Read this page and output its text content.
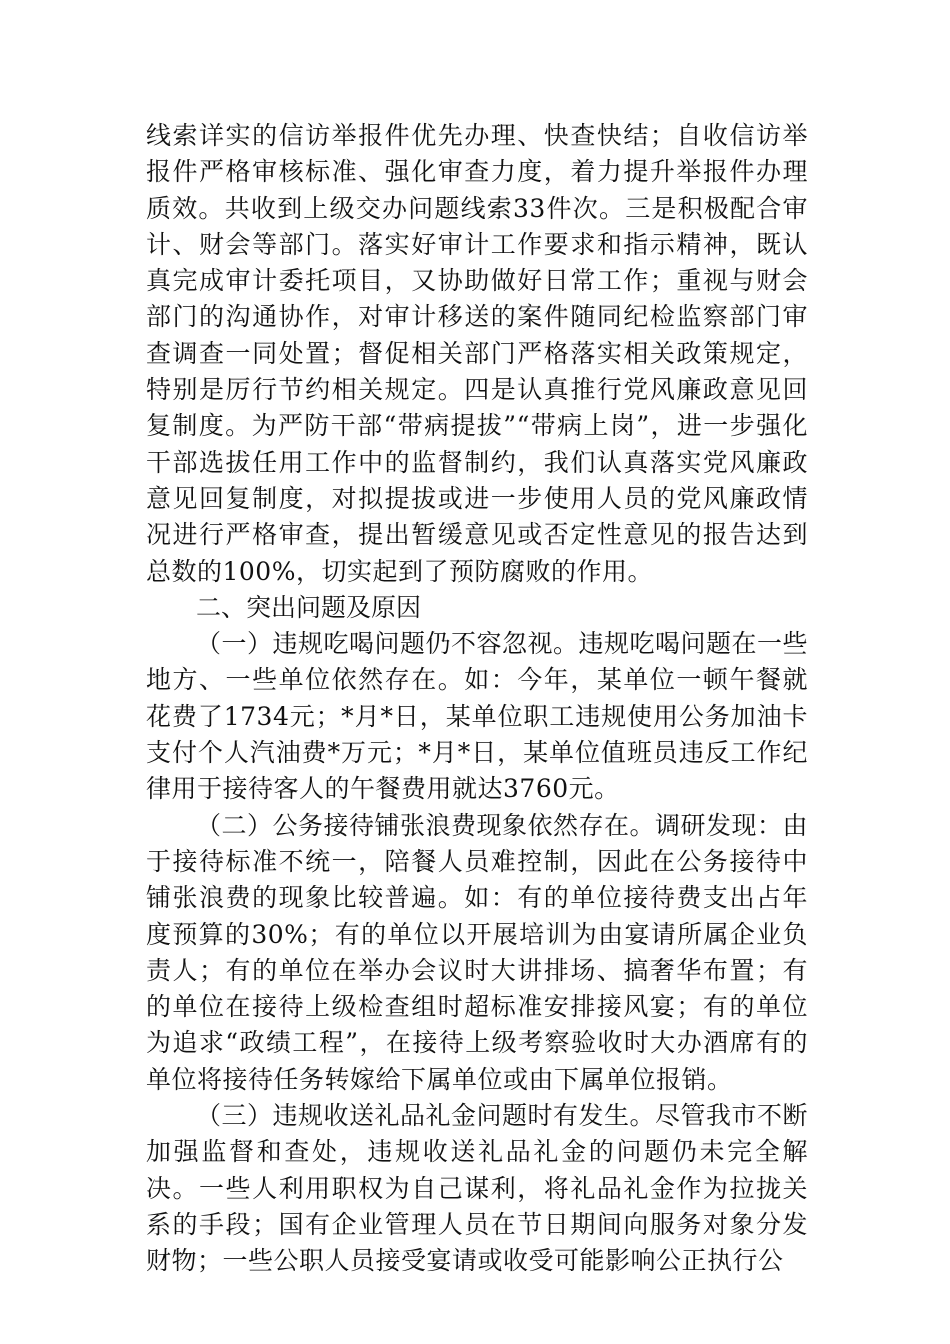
线索详实的信访举报件优先办理、快查快结；自收信访举报件严格审核标准、强化审查力度，着力提升举报件办理质效。共收到上级交办问题线索33件次。三是积极配合审计、财会等部门。落实好审计工作要求和指示精神，既认真完成审计委托项目，又协助做好日常工作；重视与财会部门的沟通协作，对审计移送的案件随同纪检监察部门审查调查一同处置；督促相关部门严格落实相关政策规定，特别是厉行节约相关规定。四是认真推行党风廉政意见回复制度。为严防干部“带病提拔”“带病上岗”，进一步强化干部选拔任用工作中的监督制约，我们认真落实党风廉政意见回复制度，对拟提拔或进一步使用人员的党风廉政情况进行严格审查，提出暂缓意见或否定性意见的报告达到总数的100%，切实起到了预防腐败的作用。

二、突出问题及原因

（一）违规吃喝问题仍不容忽视。违规吃喝问题在一些地方、一些单位依然存在。如：今年，某单位一顿午餐就花费了1734元；*月*日，某单位职工违规使用公务加油卡支付个人汽油费*万元；*月*日，某单位值班员违反工作纪律用于接待客人的午餐费用就达3760元。

（二）公务接待铺张浪费现象依然存在。调研发现：由于接待标准不统一，陪餐人员难控制，因此在公务接待中铺张浪费的现象比较普遍。如：有的单位接待费支出占年度预算的30%；有的单位以开展培训为由宴请所属企业负责人；有的单位在举办会议时大讲排场、搞奢华布置；有的单位在接待上级检查组时超标准安排接风宴；有的单位为追求“政绩工程”，在接待上级考察验收时大办酒席有的单位将接待任务转嫁给下属单位或由下属单位报销。

（三）违规收送礼品礼金问题时有发生。尽管我市不断加强监督和查处，违规收送礼品礼金的问题仍未完全解决。一些人利用职权为自己谋利，将礼品礼金作为拉拢关系的手段；国有企业管理人员在节日期间向服务对象分发财物；一些公职人员接受宴请或收受可能影响公正执行公
